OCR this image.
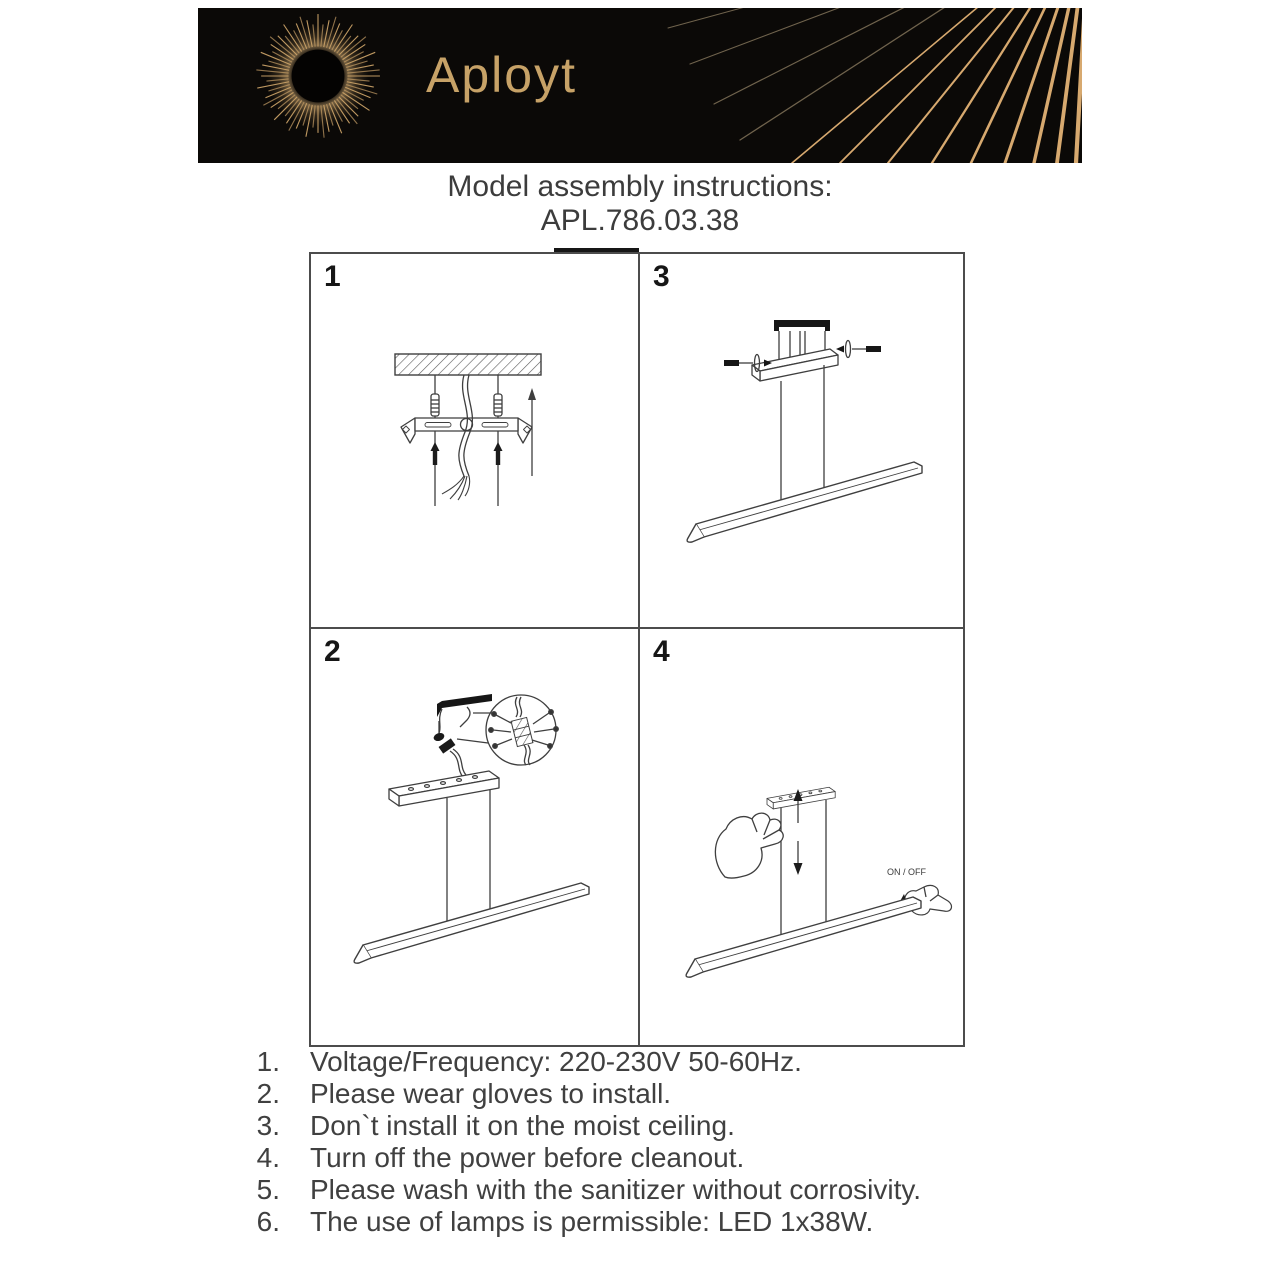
Aployt
Model assembly instructions:
APL.786.03.38
1	3
2
ON / OFF
4
1. Voltage/Frequency: 220-230V 50-60Hz.
2. Please wear gloves to install.
3. Don`t install it on the moist ceiling.
4. Turn off the power before cleanout.
5. Please wash with the sanitizer without corrosivity.
6. The use of lamps is permissible: LED 1x38W.
